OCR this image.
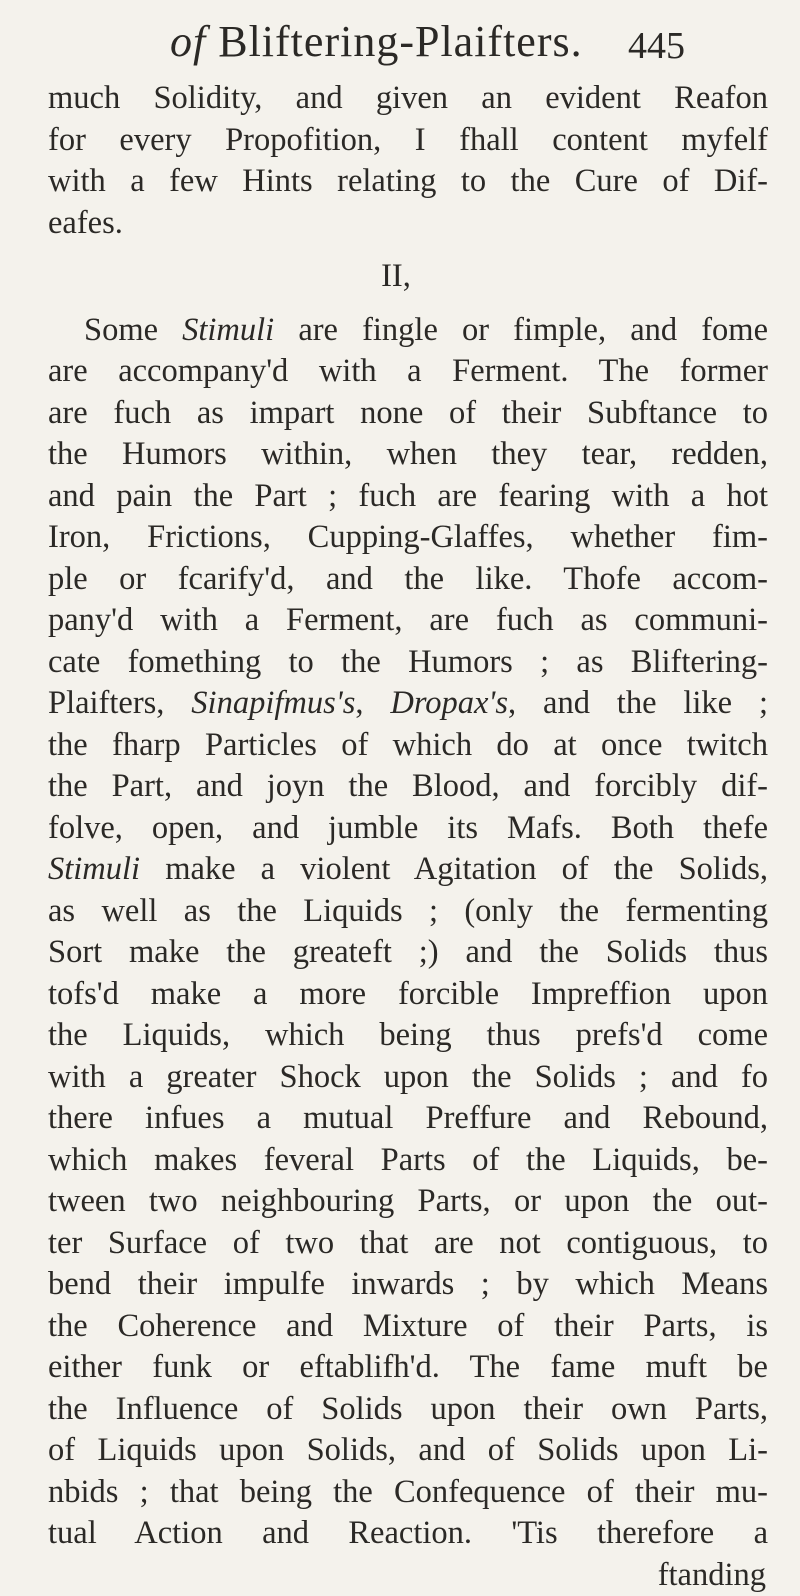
of Bliftering-Plaifters. 445
much Solidity, and given an evident Reafon
for every Propofition, I fhall content myfelf
with a few Hints relating to the Cure of Dif-
eafes.
II,
Some Stimuli are fingle or fimple, and fome
are accompany'd with a Ferment. The former
are fuch as impart none of their Subftance to
the Humors within, when they tear, redden,
and pain the Part ; fuch are fearing with a hot
Iron, Frictions, Cupping-Glaffes, whether fim-
ple or fcarify'd, and the like. Thofe accom-
pany'd with a Ferment, are fuch as communi-
cate fomething to the Humors ; as Bliftering-
Plaifters, Sinapifmus's, Dropax's, and the like ;
the fharp Particles of which do at once twitch
the Part, and joyn the Blood, and forcibly dif-
folve, open, and jumble its Mafs. Both thefe
Stimuli make a violent Agitation of the Solids,
as well as the Liquids ; (only the fermenting
Sort make the greateft ;) and the Solids thus
tofs'd make a more forcible Impreffion upon
the Liquids, which being thus prefs'd come
with a greater Shock upon the Solids ; and fo
there infues a mutual Preffure and Rebound,
which makes feveral Parts of the Liquids, be-
tween two neighbouring Parts, or upon the out-
ter Surface of two that are not contiguous, to
bend their impulfe inwards ; by which Means
the Coherence and Mixture of their Parts, is
either funk or eftablifh'd. The fame muft be
the Influence of Solids upon their own Parts,
of Liquids upon Solids, and of Solids upon Li-
nbids ; that being the Confequence of their mu-
tual Action and Reaction. 'Tis therefore a
ftanding
